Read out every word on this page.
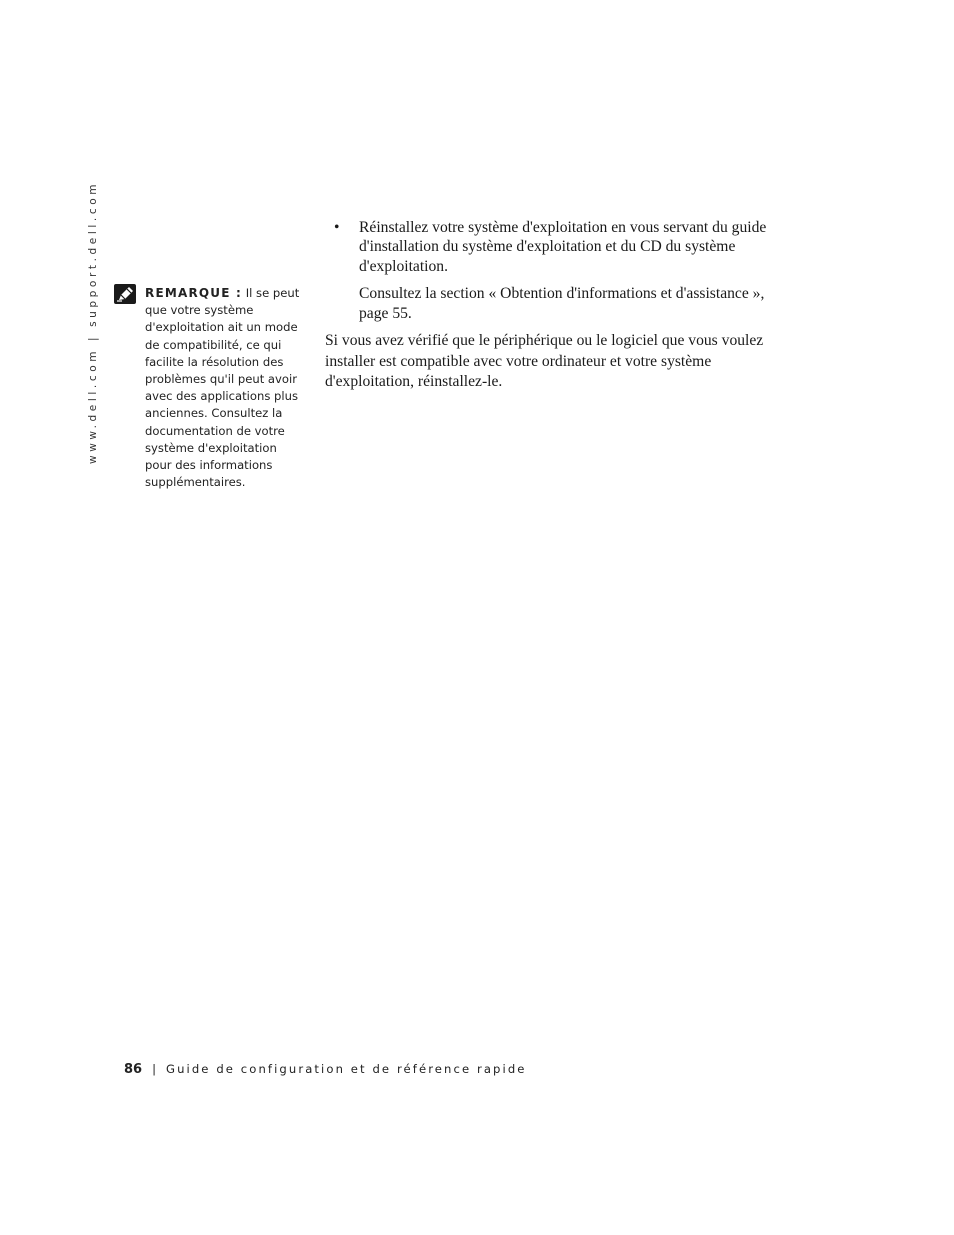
www.dell.com | support.dell.com	REMARQUE : Il se peut que votre système d'exploitation ait un mode de compatibilité, ce qui facilite la résolution des problèmes qu'il peut avoir avec des applications plus anciennes. Consultez la documentation de votre système d'exploitation pour des informations supplémentaires.
• Réinstallez votre système d'exploitation en vous servant du guide d'installation du système d'exploitation et du CD du système d'exploitation.
Consultez la section « Obtention d'informations et d'assistance », page 55.
Si vous avez vérifié que le périphérique ou le logiciel que vous voulez installer est compatible avec votre ordinateur et votre système d'exploitation, réinstallez-le.
86 | Guide de configuration et de référence rapide
